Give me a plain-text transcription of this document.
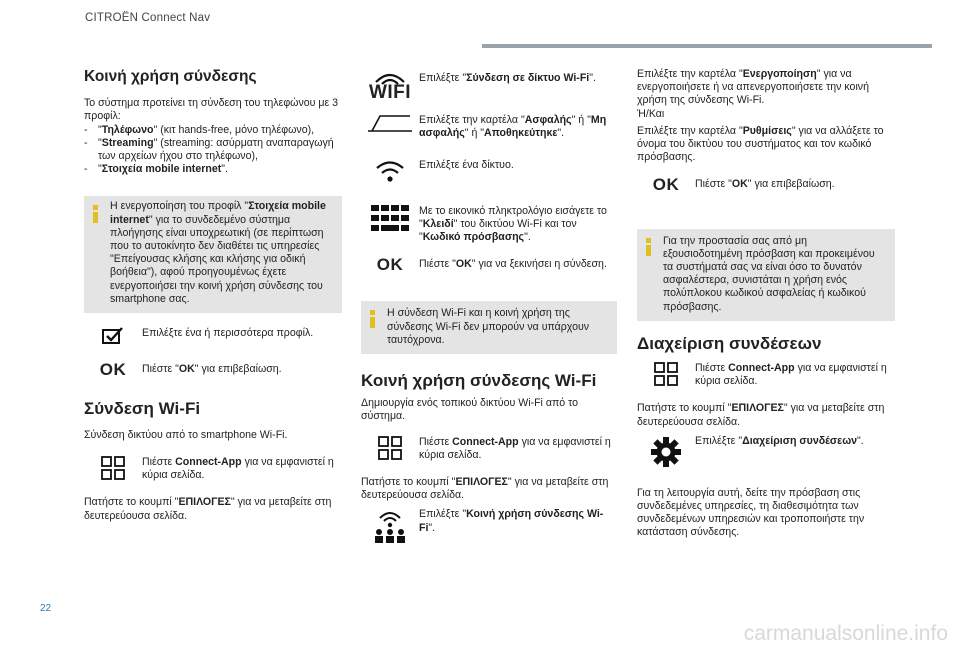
CITROËN Connect Nav
Κοινή χρήση σύνδεσης

Το σύστημα προτείνει τη σύνδεση του τηλεφώνου με 3 προφίλ:

- "Τηλέφωνο" (κιτ hands-free, μόνο τηλέφωνο),
- "Streaming" (streaming: ασύρματη αναπαραγωγή των αρχείων ήχου στο τηλέφωνο),
- "Στοιχεία mobile internet".
Η ενεργοποίηση του προφίλ "Στοιχεία mobile internet" για το συνδεδεμένο σύστημα πλοήγησης είναι υποχρεωτική (σε περίπτωση που το αυτοκίνητο δεν διαθέτει τις υπηρεσίες "Επείγουσας κλήσης και κλήσης για οδική βοήθεια"), αφού προηγουμένως έχετε ενεργοποιήσει την κοινή χρήση σύνδεσης του smartphone σας.
Επιλέξτε ένα ή περισσότερα προφίλ.
OK Πιέστε "OK" για επιβεβαίωση.
Σύνδεση Wi-Fi

Σύνδεση δικτύου από το smartphone Wi-Fi.

Πιέστε Connect-App για να εμφανιστεί η κύρια σελίδα.

Πατήστε το κουμπί "ΕΠΙΛΟΓΕΣ" για να μεταβείτε στη δευτερεύουσα σελίδα.

WIFI
Επιλέξτε "Σύνδεση σε δίκτυο Wi-Fi".
Επιλέξτε την καρτέλα "Ασφαλής" ή "Μη ασφαλής" ή "Αποθηκεύτηκε".
Επιλέξτε ένα δίκτυο.
Με το εικονικό πληκτρολόγιο εισάγετε το "Κλειδί" του δικτύου Wi-Fi και τον "Κωδικό πρόσβασης".
OK Πιέστε "OK" για να ξεκινήσει η σύνδεση.
Η σύνδεση Wi-Fi και η κοινή χρήση της σύνδεσης Wi-Fi δεν μπορούν να υπάρχουν ταυτόχρονα.
Κοινή χρήση σύνδεσης Wi-Fi

Δημιουργία ενός τοπικού δικτύου Wi-Fi από το σύστημα.

Πιέστε Connect-App για να εμφανιστεί η κύρια σελίδα.

Πατήστε το κουμπί "ΕΠΙΛΟΓΕΣ" για να μεταβείτε στη δευτερεύουσα σελίδα.

Επιλέξτε "Κοινή χρήση σύνδεσης Wi-Fi".

Επιλέξτε την καρτέλα "Ενεργοποίηση" για να ενεργοποιήσετε ή να απενεργοποιήσετε την κοινή χρήση της σύνδεσης Wi-Fi.

Ή/Και

Επιλέξτε την καρτέλα "Ρυθμίσεις" για να αλλάξετε το όνομα του δικτύου του συστήματος και τον κωδικό πρόσβασης.

OK Πιέστε "OK" για επιβεβαίωση.
Για την προστασία σας από μη εξουσιοδοτημένη πρόσβαση και προκειμένου τα συστήματά σας να είναι όσο το δυνατόν ασφαλέστερα, συνιστάται η χρήση ενός πολύπλοκου κωδικού ασφαλείας ή κωδικού πρόσβασης.
Διαχείριση συνδέσεων
Πιέστε Connect-App για να εμφανιστεί η κύρια σελίδα.

Πατήστε το κουμπί "ΕΠΙΛΟΓΕΣ" για να μεταβείτε στη δευτερεύουσα σελίδα.

Επιλέξτε "Διαχείριση συνδέσεων".

Για τη λειτουργία αυτή, δείτε την πρόσβαση στις συνδεδεμένες υπηρεσίες, τη διαθεσιμότητα των συνδεδεμένων υπηρεσιών και τροποποιήστε την κατάσταση σύνδεσης.

22
carmanualsonline.info
